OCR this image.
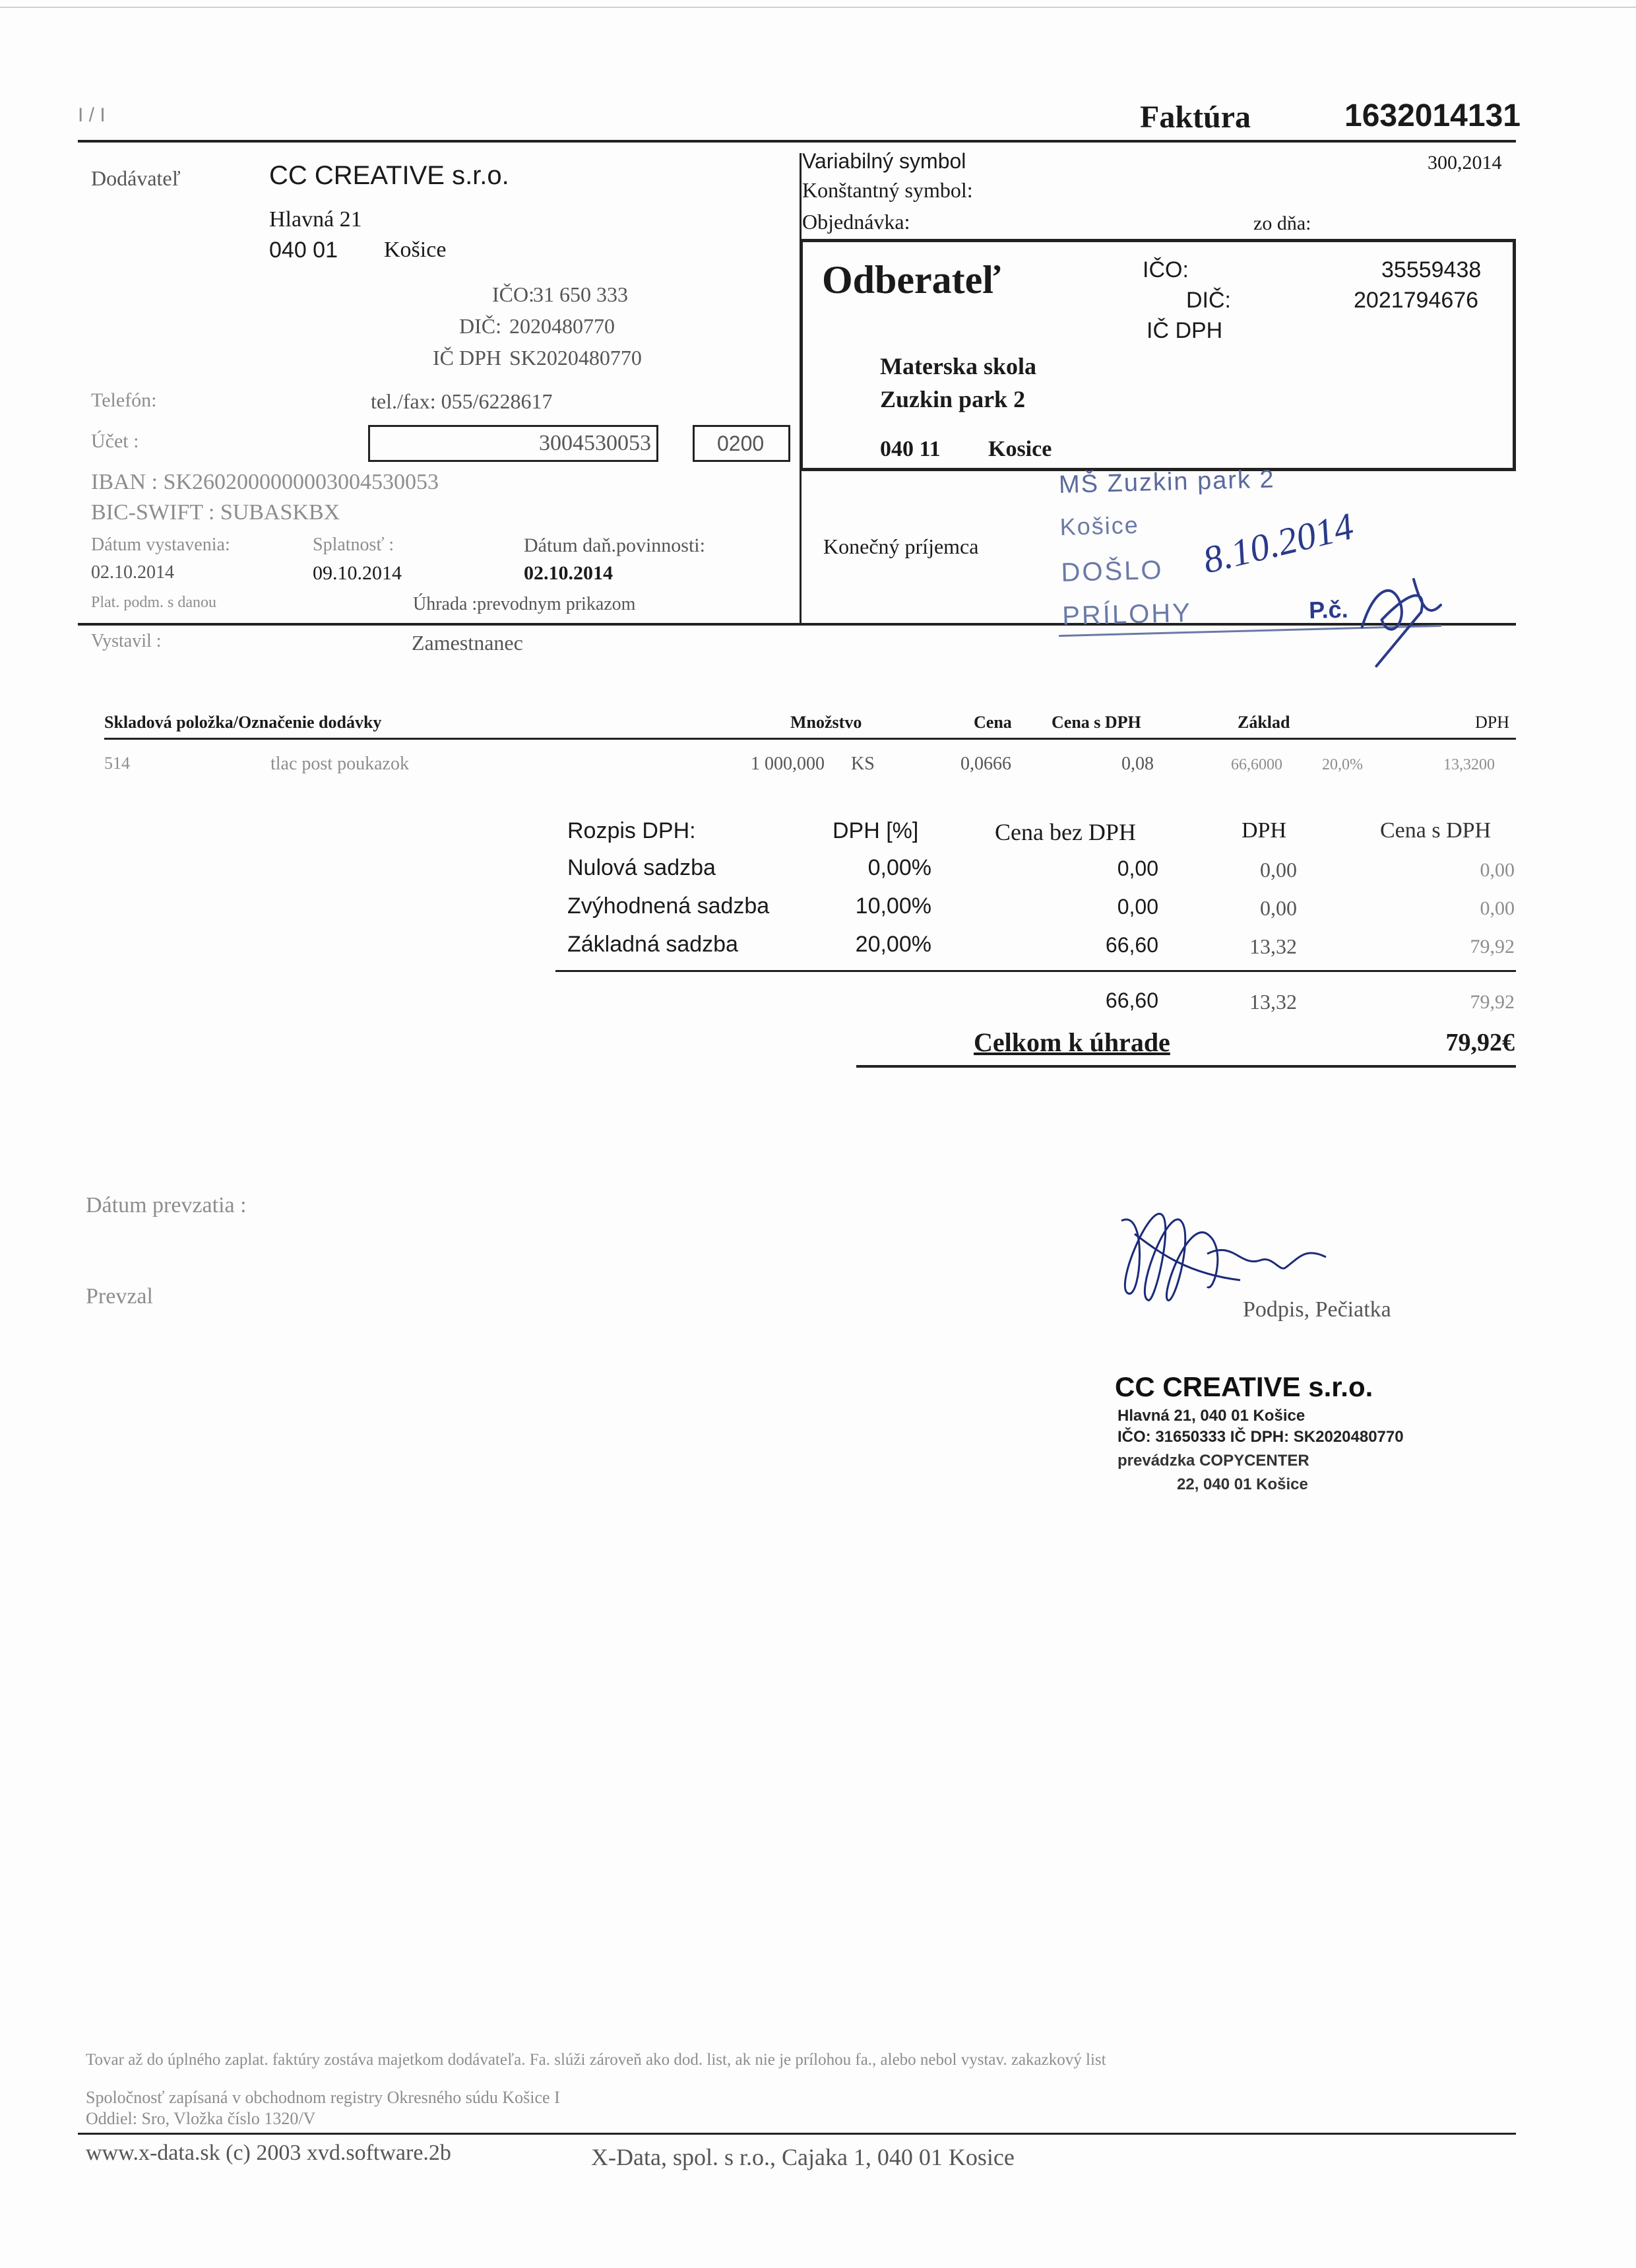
I / I	Faktúra	1632014131
Dodávateľ	CC CREATIVE s.r.o.
Hlavná 21
040 01 Košice
IČO:
31 650 333
DIČ: 2020480770
IČ DPH SK2020480770
Telefón:	tel./fax: 055/6228617
Účet :	3004530053	0200
IBAN : SK2602000000003004530053
BIC-SWIFT : SUBASKBX
Dátum vystavenia:	Splatnosť :	Dátum daň.povinnosti:
02.10.2014	09.10.2014	02.10.2014
Plat. podm. s danou	Úhrada :prevodnym prikazom
Vystavil :	Zamestnanec
Variabilný symbol	300,2014
Konštantný symbol:
Objednávka:	zo dňa:
Odberateľ	IČO:	35559438
DIČ:	2021794676
IČ DPH
Materska skola
Zuzkin park 2
040 11 Kosice
Konečný príjemca
MŠ Zuzkin park 2
Košice
DOŠLO
PRÍLOHY	P.č.
8.10.2014
Skladová položka/Označenie dodávky	Množstvo	Cena Cena s DPH	Základ	DPH
514	tlac post poukazok	1 000,000 KS	0,0666	0,08	66,6000	20,0%	13,3200
Rozpis DPH:	DPH [%]	Cena bez DPH	DPH	Cena s DPH
Nulová sadzba	0,00%	0,00	0,00	0,00
Zvýhodnená sadzba	10,00%	0,00	0,00	0,00
Základná sadzba	20,00%	66,60	13,32	79,92
66,60	13,32	79,92
Celkom k úhrade	79,92€
Dátum prevzatia :
Prevzal
Podpis, Pečiatka
CC CREATIVE s.r.o.
Hlavná 21, 040 01 Košice
IČO: 31650333 IČ DPH: SK2020480770
prevádzka COPYCENTER
22, 040 01 Košice
Tovar až do úplného zaplat. faktúry zostáva majetkom dodávateľa. Fa. slúži zároveň ako dod. list, ak nie je prílohou fa., alebo nebol vystav. zakazkový list
Spoločnosť zapísaná v obchodnom registry Okresného súdu Košice I
Oddiel: Sro, Vložka číslo 1320/V
www.x-data.sk (c) 2003 xvd.software.2b	X-Data, spol. s r.o., Cajaka 1, 040 01 Kosice
